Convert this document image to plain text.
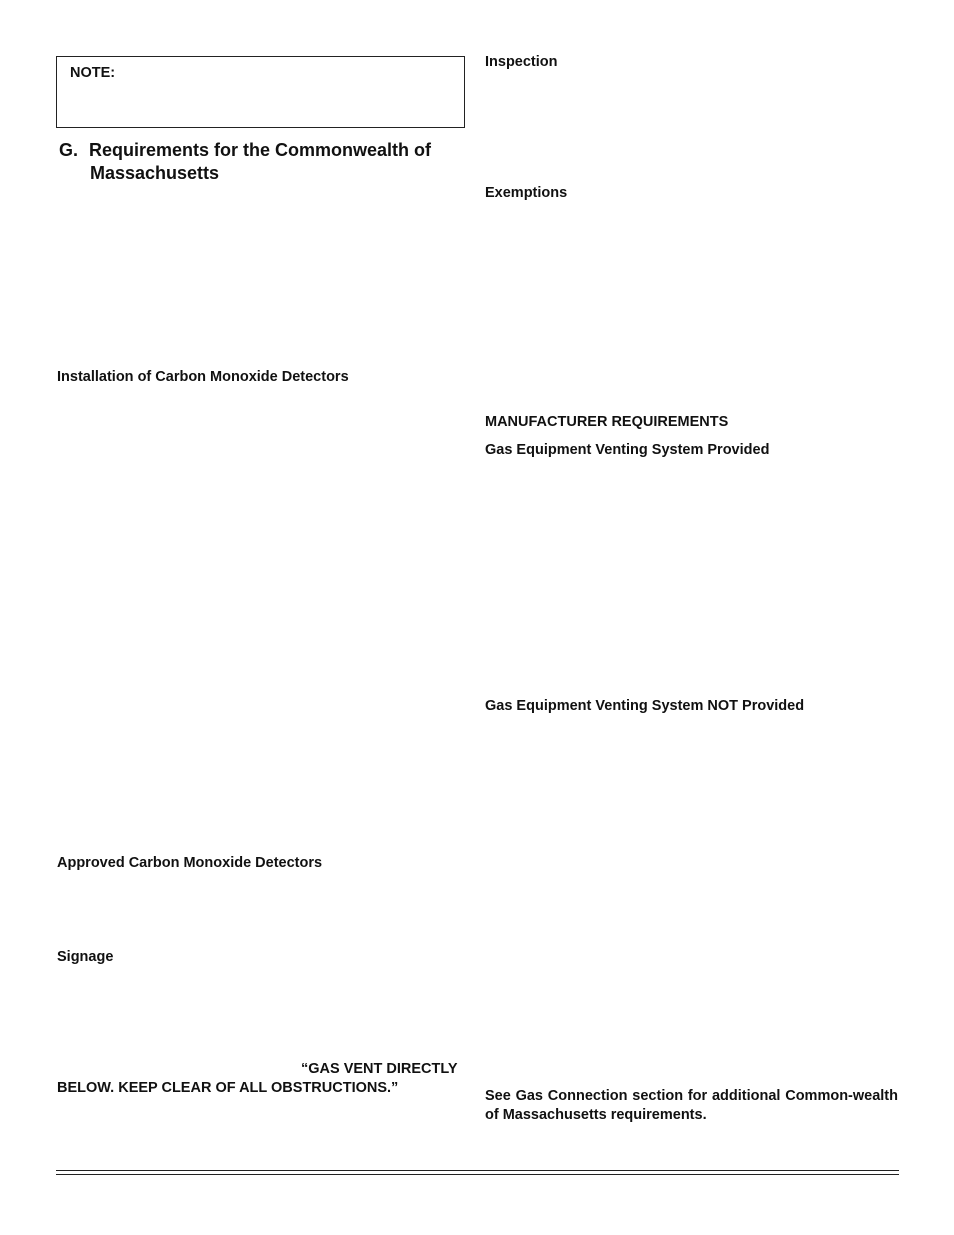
NOTE:
G. Requirements for the Commonwealth of
Massachusetts
Installation of Carbon Monoxide Detectors
Approved Carbon Monoxide Detectors
Signage
“GAS VENT DIRECTLY
BELOW. KEEP CLEAR OF ALL OBSTRUCTIONS.”
Inspection
Exemptions
MANUFACTURER REQUIREMENTS
Gas Equipment Venting System Provided
Gas Equipment Venting System NOT Provided
See Gas Connection section for additional Common-wealth of Massachusetts requirements.
